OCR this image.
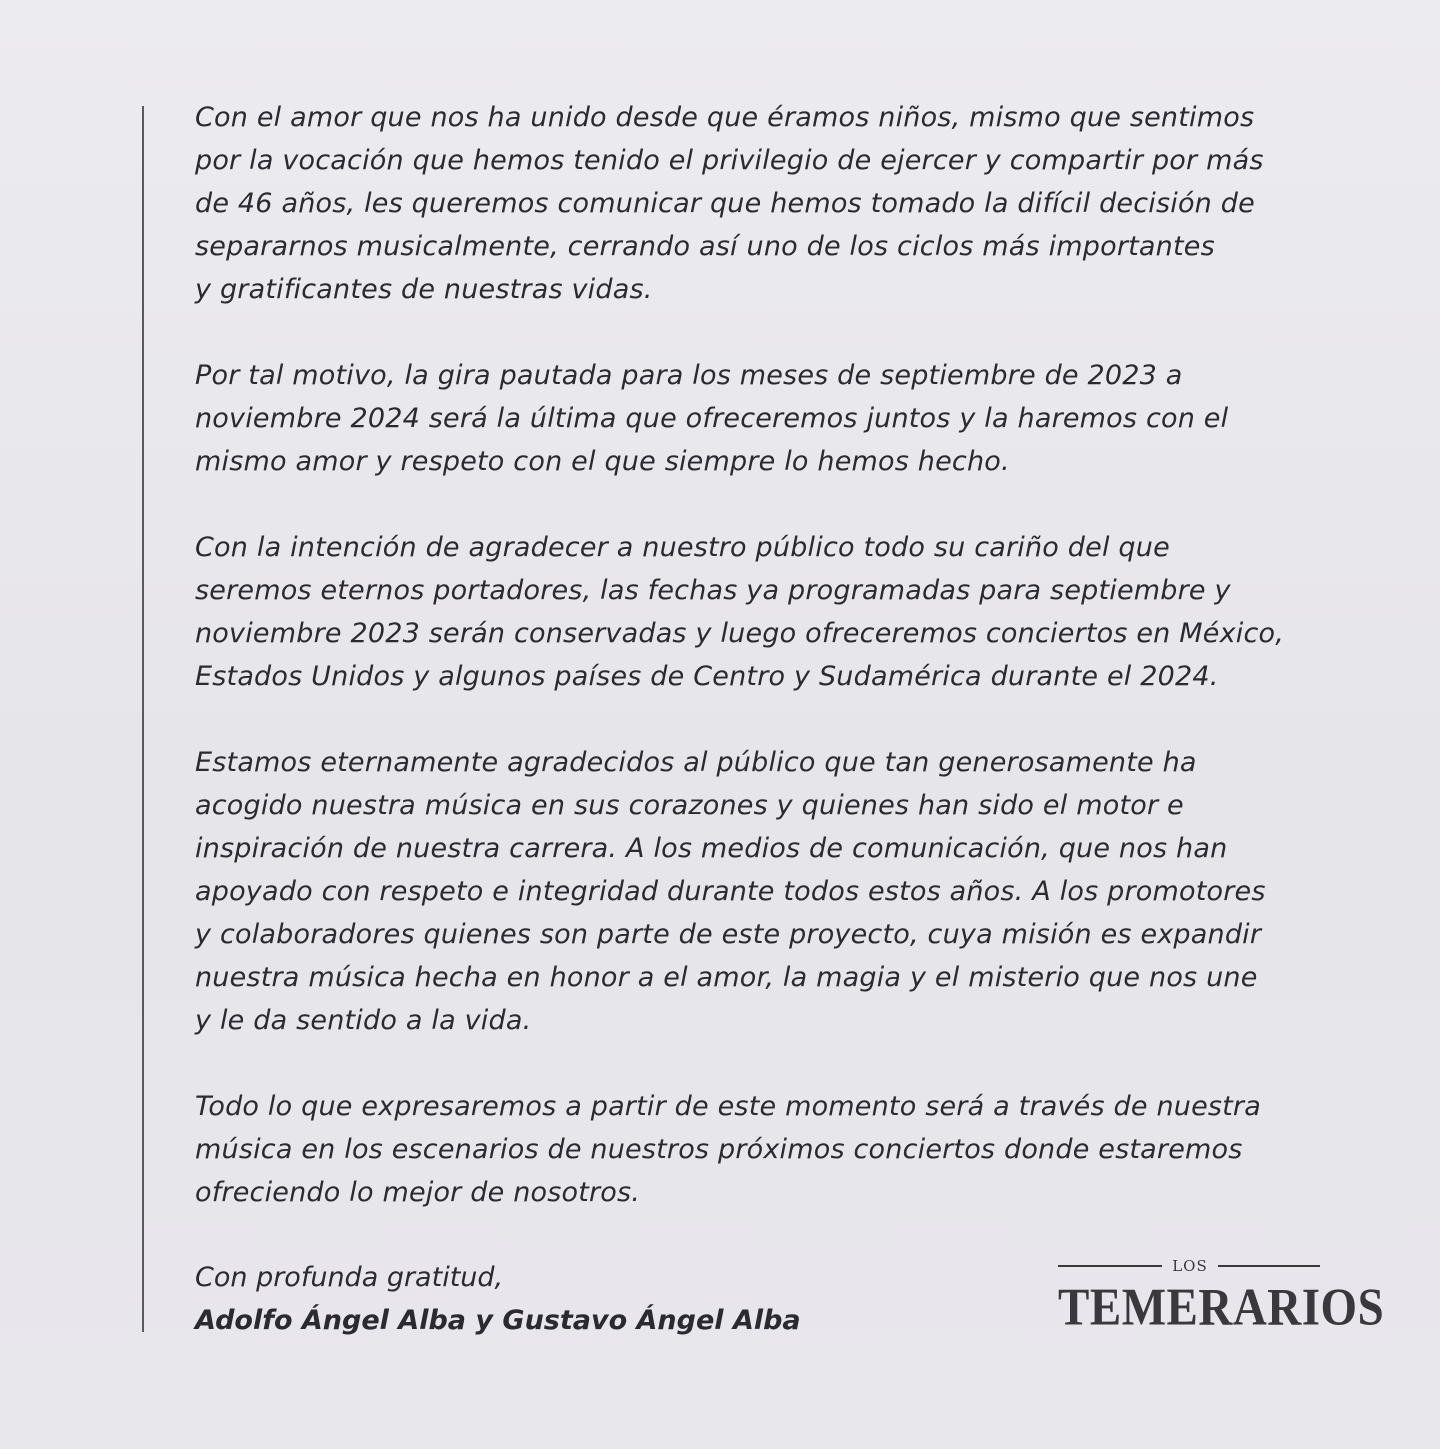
Con el amor que nos ha unido desde que éramos niños, mismo que sentimos
por la vocación que hemos tenido el privilegio de ejercer y compartir por más
de 46 años, les queremos comunicar que hemos tomado la difícil decisión de
separarnos musicalmente, cerrando así uno de los ciclos más importantes
y gratificantes de nuestras vidas.

Por tal motivo, la gira pautada para los meses de septiembre de 2023 a
noviembre 2024 será la última que ofreceremos juntos y la haremos con el
mismo amor y respeto con el que siempre lo hemos hecho.

Con la intención de agradecer a nuestro público todo su cariño del que
seremos eternos portadores, las fechas ya programadas para septiembre y
noviembre 2023 serán conservadas y luego ofreceremos conciertos en México,
Estados Unidos y algunos países de Centro y Sudamérica durante el 2024.

Estamos eternamente agradecidos al público que tan generosamente ha
acogido nuestra música en sus corazones y quienes han sido el motor e
inspiración de nuestra carrera. A los medios de comunicación, que nos han
apoyado con respeto e integridad durante todos estos años. A los promotores
y colaboradores quienes son parte de este proyecto, cuya misión es expandir
nuestra música hecha en honor a el amor, la magia y el misterio que nos une
y le da sentido a la vida.

Todo lo que expresaremos a partir de este momento será a través de nuestra
música en los escenarios de nuestros próximos conciertos donde estaremos
ofreciendo lo mejor de nosotros.

Con profunda gratitud,
Adolfo Ángel Alba y Gustavo Ángel Alba
LOS
TEMERARIOS
